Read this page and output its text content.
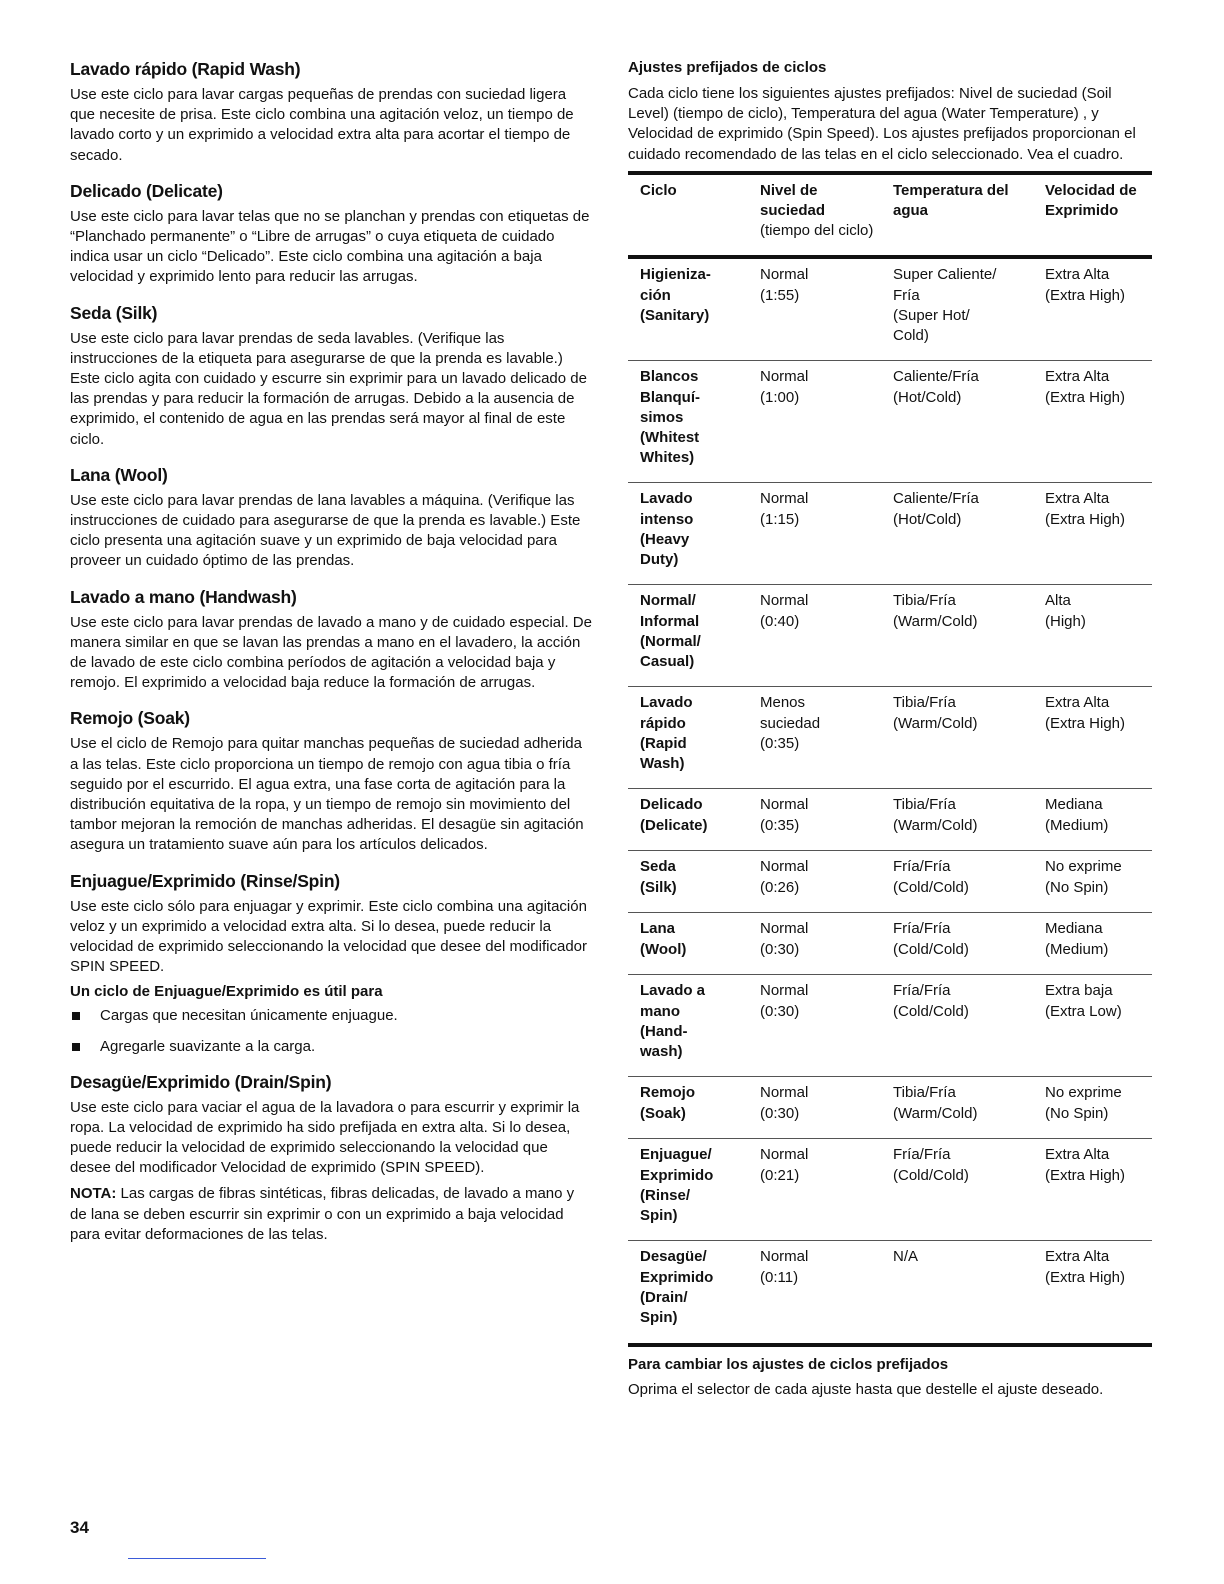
Lavado rápido (Rapid Wash)

Use este ciclo para lavar cargas pequeñas de prendas con suciedad ligera que necesite de prisa. Este ciclo combina una agitación veloz, un tiempo de lavado corto y un exprimido a velocidad extra alta para acortar el tiempo de secado.

Delicado (Delicate)

Use este ciclo para lavar telas que no se planchan y prendas con etiquetas de “Planchado permanente” o “Libre de arrugas” o cuya etiqueta de cuidado indica usar un ciclo “Delicado”. Este ciclo combina una agitación a baja velocidad y exprimido lento para reducir las arrugas.

Seda (Silk)

Use este ciclo para lavar prendas de seda lavables. (Verifique las instrucciones de la etiqueta para asegurarse de que la prenda es lavable.) Este ciclo agita con cuidado y escurre sin exprimir para un lavado delicado de las prendas y para reducir la formación de arrugas. Debido a la ausencia de exprimido, el contenido de agua en las prendas será mayor al final de este ciclo.

Lana (Wool)

Use este ciclo para lavar prendas de lana lavables a máquina. (Verifique las instrucciones de cuidado para asegurarse de que la prenda es lavable.) Este ciclo presenta una agitación suave y un exprimido de baja velocidad para proveer un cuidado óptimo de las prendas.

Lavado a mano (Handwash)

Use este ciclo para lavar prendas de lavado a mano y de cuidado especial. De manera similar en que se lavan las prendas a mano en el lavadero, la acción de lavado de este ciclo combina períodos de agitación a velocidad baja y remojo. El exprimido a velocidad baja reduce la formación de arrugas.

Remojo (Soak)

Use el ciclo de Remojo para quitar manchas pequeñas de suciedad adherida a las telas. Este ciclo proporciona un tiempo de remojo con agua tibia o fría seguido por el escurrido. El agua extra, una fase corta de agitación para la distribución equitativa de la ropa, y un tiempo de remojo sin movimiento del tambor mejoran la remoción de manchas adheridas. El desagüe sin agitación asegura un tratamiento suave aún para los artículos delicados.

Enjuague/Exprimido (Rinse/Spin)

Use este ciclo sólo para enjuagar y exprimir. Este ciclo combina una agitación veloz y un exprimido a velocidad extra alta. Si lo desea, puede reducir la velocidad de exprimido seleccionando la velocidad que desee del modificador SPIN SPEED.

Un ciclo de Enjuague/Exprimido es útil para
Cargas que necesitan únicamente enjuague.
Agregarle suavizante a la carga.
Desagüe/Exprimido (Drain/Spin)

Use este ciclo para vaciar el agua de la lavadora o para escurrir y exprimir la ropa. La velocidad de exprimido ha sido prefijada en extra alta. Si lo desea, puede reducir la velocidad de exprimido seleccionando la velocidad que desee del modificador Velocidad de exprimido (SPIN SPEED).

NOTA: Las cargas de fibras sintéticas, fibras delicadas, de lavado a mano y de lana se deben escurrir sin exprimir o con un exprimido a baja velocidad para evitar deformaciones de las telas.

Ajustes prefijados de ciclos

Cada ciclo tiene los siguientes ajustes prefijados: Nivel de suciedad (Soil Level) (tiempo de ciclo), Temperatura del agua (Water Temperature) , y Velocidad de exprimido (Spin Speed). Los ajustes prefijados proporcionan el cuidado recomendado de las telas en el ciclo seleccionado. Vea el cuadro.

Ciclo	Nivel de suciedad
(tiempo del ciclo)
Temperatura del agua
Velocidad de Exprimido
Higieniza-
ción
(Sanitary)
Normal
(1:55)
Super Caliente/
Fría
(Super Hot/
Cold)
Extra Alta
(Extra High)
Blancos
Blanquí-
simos
(Whitest
Whites)
Normal
(1:00)
Caliente/Fría
(Hot/Cold)
Extra Alta
(Extra High)
Lavado
intenso
(Heavy
Duty)
Normal
(1:15)
Caliente/Fría
(Hot/Cold)
Extra Alta
(Extra High)
Normal/
Informal
(Normal/
Casual)
Normal
(0:40)
Tibia/Fría
(Warm/Cold)
Alta
(High)
Lavado
rápido
(Rapid
Wash)
Menos
suciedad
(0:35)
Tibia/Fría
(Warm/Cold)
Extra Alta
(Extra High)
Delicado
(Delicate)
Normal
(0:35)
Tibia/Fría
(Warm/Cold)
Mediana
(Medium)
Seda
(Silk)
Normal
(0:26)
Fría/Fría
(Cold/Cold)
No exprime
(No Spin)
Lana
(Wool)
Normal
(0:30)
Fría/Fría
(Cold/Cold)
Mediana
(Medium)
Lavado a
mano
(Hand-
wash)
Normal
(0:30)
Fría/Fría
(Cold/Cold)
Extra baja
(Extra Low)
Remojo
(Soak)
Normal
(0:30)
Tibia/Fría
(Warm/Cold)
No exprime
(No Spin)
Enjuague/
Exprimido
(Rinse/
Spin)
Normal
(0:21)
Fría/Fría
(Cold/Cold)
Extra Alta
(Extra High)
Desagüe/
Exprimido
(Drain/
Spin)
Normal
(0:11)
N/A	Extra Alta
(Extra High)
Para cambiar los ajustes de ciclos prefijados

Oprima el selector de cada ajuste hasta que destelle el ajuste deseado.

34
